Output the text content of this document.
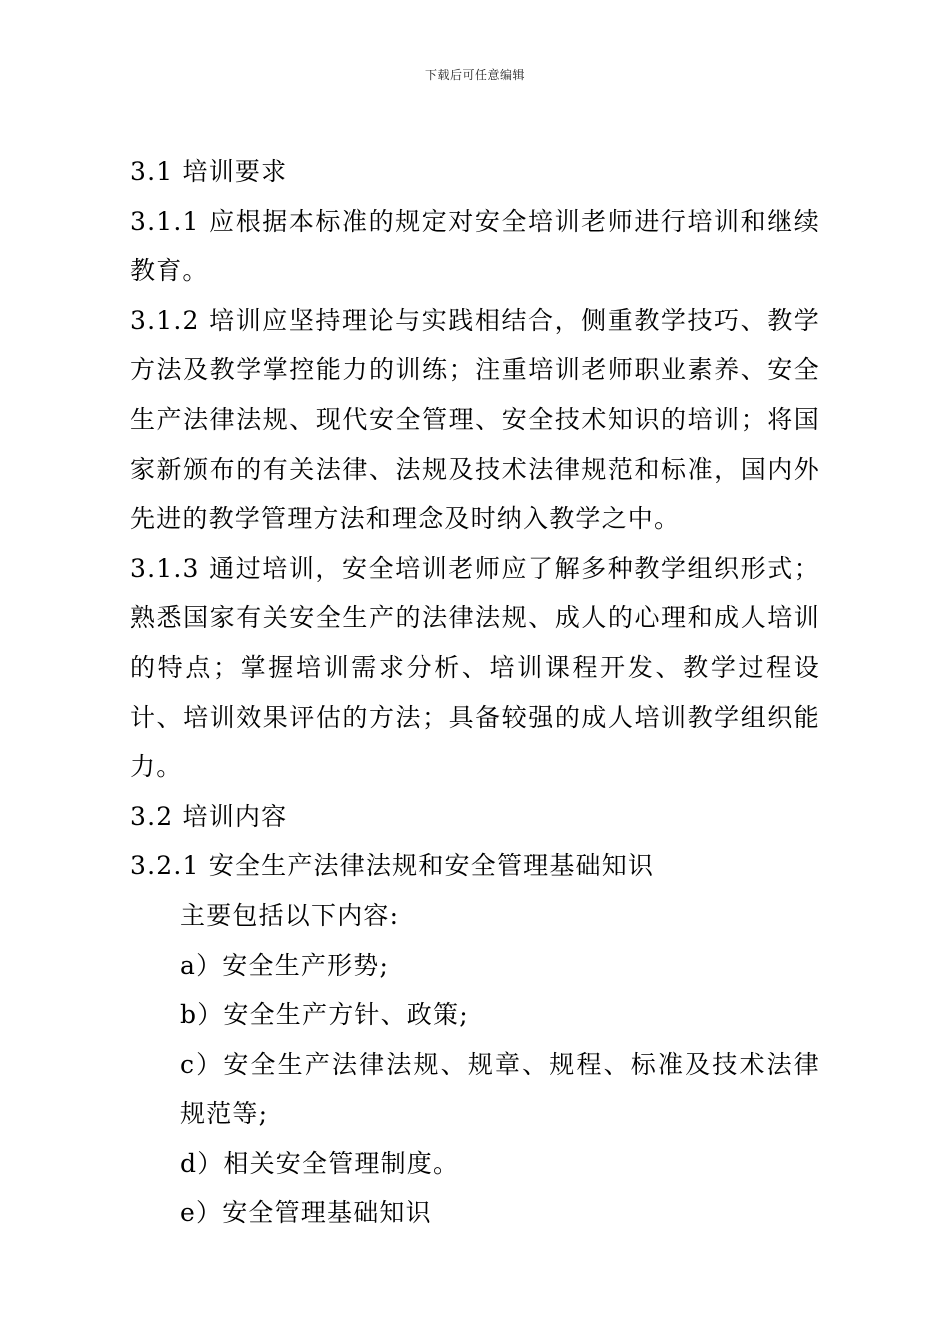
下载后可任意编辑

3.1 培训要求

3.1.1 应根据本标准的规定对安全培训老师进行培训和继续教育。

3.1.2 培训应坚持理论与实践相结合，侧重教学技巧、教学方法及教学掌控能力的训练；注重培训老师职业素养、安全生产法律法规、现代安全管理、安全技术知识的培训；将国家新颁布的有关法律、法规及技术法律规范和标准，国内外先进的教学管理方法和理念及时纳入教学之中。

3.1.3 通过培训，安全培训老师应了解多种教学组织形式；熟悉国家有关安全生产的法律法规、成人的心理和成人培训的特点；掌握培训需求分析、培训课程开发、教学过程设计、培训效果评估的方法；具备较强的成人培训教学组织能力。

3.2 培训内容

3.2.1 安全生产法律法规和安全管理基础知识

主要包括以下内容:

a）安全生产形势;

b）安全生产方针、政策;

c）安全生产法律法规、规章、规程、标准及技术法律规范等;

d）相关安全管理制度。

e）安全管理基础知识
